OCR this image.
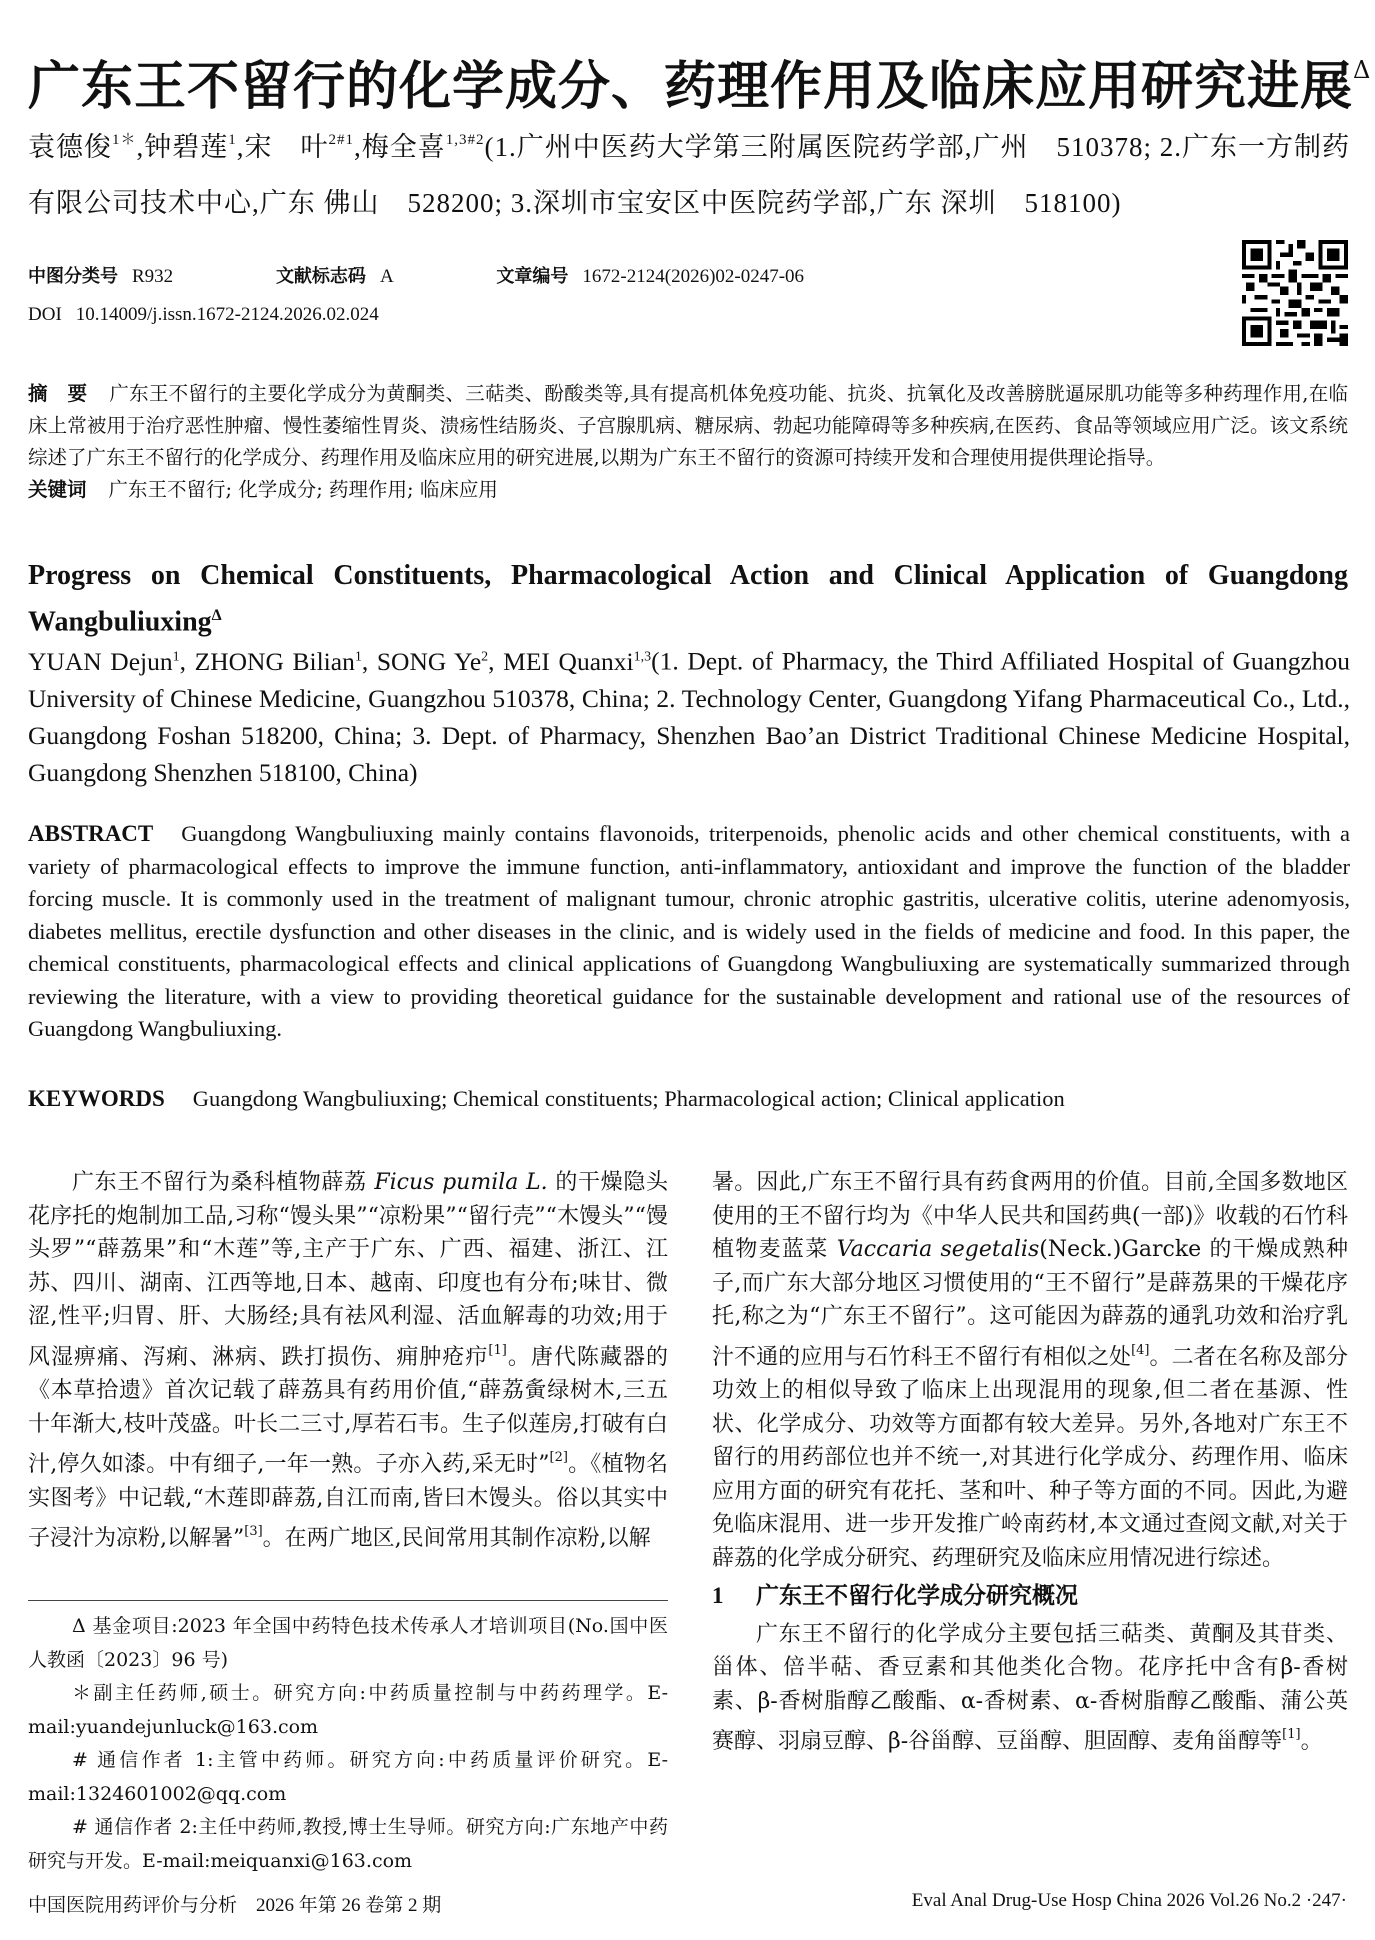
广东王不留行的化学成分、药理作用及临床应用研究进展$^\Delta$
袁德俊$^{1*}$,钟碧莲$^1$,宋　叶$^{2\#1}$,梅全喜$^{1,3\#2}$(1.广州中医药大学第三附属医院药学部,广州　510378; 2.广东一方制药有限公司技术中心,广东 佛山　528200; 3.深圳市宝安区中医院药学部,广东 深圳　518100)
中图分类号 R932	文献标志码 A	文章编号 1672-2124(2026)02-0247-06
DOI 10.14009/j.issn.1672-2124.2026.02.024
摘　要 广东王不留行的主要化学成分为黄酮类、三萜类、酚酸类等,具有提高机体免疫功能、抗炎、抗氧化及改善膀胱逼尿肌功能等多种药理作用,在临床上常被用于治疗恶性肿瘤、慢性萎缩性胃炎、溃疡性结肠炎、子宫腺肌病、糖尿病、勃起功能障碍等多种疾病,在医药、食品等领域应用广泛。该文系统综述了广东王不留行的化学成分、药理作用及临床应用的研究进展,以期为广东王不留行的资源可持续开发和合理使用提供理论指导。
关键词 广东王不留行; 化学成分; 药理作用; 临床应用
Progress on Chemical Constituents, Pharmacological Action and Clinical Application of Guangdong Wangbuliuxing$^\Delta$
YUAN Dejun$^1$, ZHONG Bilian$^1$, SONG Ye$^2$, MEI Quanxi$^{1,3}$(1. Dept. of Pharmacy, the Third Affiliated Hospital of Guangzhou University of Chinese Medicine, Guangzhou 510378, China; 2. Technology Center, Guangdong Yifang Pharmaceutical Co., Ltd., Guangdong Foshan 518200, China; 3. Dept. of Pharmacy, Shenzhen Bao’an District Traditional Chinese Medicine Hospital, Guangdong Shenzhen 518100, China)
ABSTRACT Guangdong Wangbuliuxing mainly contains flavonoids, triterpenoids, phenolic acids and other chemical constituents, with a variety of pharmacological effects to improve the immune function, anti-inflammatory, antioxidant and improve the function of the bladder forcing muscle. It is commonly used in the treatment of malignant tumour, chronic atrophic gastritis, ulcerative colitis, uterine adenomyosis, diabetes mellitus, erectile dysfunction and other diseases in the clinic, and is widely used in the fields of medicine and food. In this paper, the chemical constituents, pharmacological effects and clinical applications of Guangdong Wangbuliuxing are systematically summarized through reviewing the literature, with a view to providing theoretical guidance for the sustainable development and rational use of the resources of Guangdong Wangbuliuxing.
KEYWORDS Guangdong Wangbuliuxing; Chemical constituents; Pharmacological action; Clinical application

广东王不留行为桑科植物薜荔 Ficus pumila L. 的干燥隐头花序托的炮制加工品,习称“馒头果”“凉粉果”“留行壳”“木馒头”“馒头罗”“薜荔果”和“木莲”等,主产于广东、广西、福建、浙江、江苏、四川、湖南、江西等地,日本、越南、印度也有分布;味甘、微涩,性平;归胃、肝、大肠经;具有祛风利湿、活血解毒的功效;用于风湿痹痛、泻痢、淋病、跌打损伤、痈肿疮疖[1]。唐代陈藏器的《本草拾遗》首次记载了薜荔具有药用价值,“薜荔夤绿树木,三五十年渐大,枝叶茂盛。叶长二三寸,厚若石韦。生子似莲房,打破有白汁,停久如漆。中有细子,一年一熟。子亦入药,采无时”[2]。《植物名实图考》中记载,“木莲即薜荔,自江而南,皆曰木馒头。俗以其实中子浸汁为凉粉,以解暑”[3]。在两广地区,民间常用其制作凉粉,以解

Δ 基金项目:2023 年全国中药特色技术传承人才培训项目(No.国中医人教函〔2023〕96 号)

＊副主任药师,硕士。研究方向:中药质量控制与中药药理学。E-mail:yuandejunluck@163.com

# 通信作者 1:主管中药师。研究方向:中药质量评价研究。E-mail:1324601002@qq.com

# 通信作者 2:主任中药师,教授,博士生导师。研究方向:广东地产中药研究与开发。E-mail:meiquanxi@163.com

暑。因此,广东王不留行具有药食两用的价值。目前,全国多数地区使用的王不留行均为《中华人民共和国药典(一部)》收载的石竹科植物麦蓝菜 Vaccaria segetalis(Neck.)Garcke 的干燥成熟种子,而广东大部分地区习惯使用的“王不留行”是薜荔果的干燥花序托,称之为“广东王不留行”。这可能因为薜荔的通乳功效和治疗乳汁不通的应用与石竹科王不留行有相似之处[4]。二者在名称及部分功效上的相似导致了临床上出现混用的现象,但二者在基源、性状、化学成分、功效等方面都有较大差异。另外,各地对广东王不留行的用药部位也并不统一,对其进行化学成分、药理作用、临床应用方面的研究有花托、茎和叶、种子等方面的不同。因此,为避免临床混用、进一步开发推广岭南药材,本文通过查阅文献,对关于薜荔的化学成分研究、药理研究及临床应用情况进行综述。

1 广东王不留行化学成分研究概况

广东王不留行的化学成分主要包括三萜类、黄酮及其苷类、甾体、倍半萜、香豆素和其他类化合物。花序托中含有β-香树素、β-香树脂醇乙酸酯、α-香树素、α-香树脂醇乙酸酯、蒲公英赛醇、羽扇豆醇、β-谷甾醇、豆甾醇、胆固醇、麦角甾醇等[1]。

中国医院用药评价与分析　2026 年第 26 卷第 2 期	Eval Anal Drug-Use Hosp China 2026 Vol.26 No.2 ·247·
